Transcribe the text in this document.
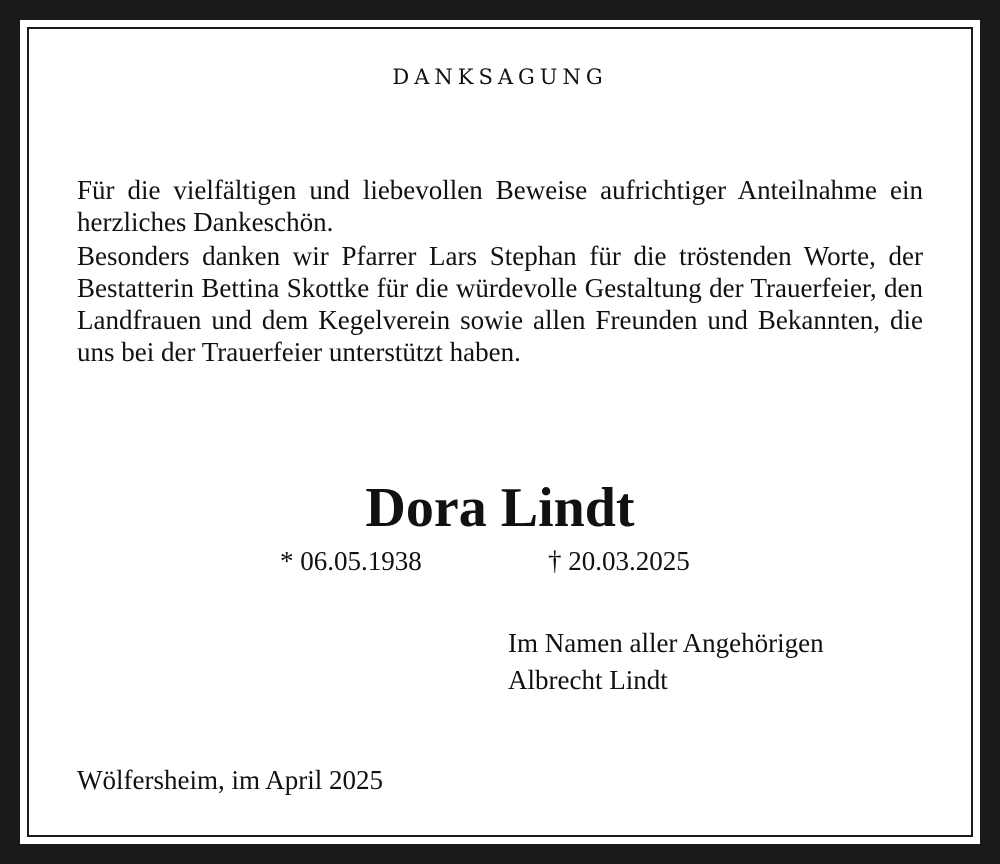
DANKSAGUNG

Für die vielfältigen und liebevollen Beweise aufrichtiger Anteilnahme ein herzliches Dankeschön.

Besonders danken wir Pfarrer Lars Stephan für die tröstenden Worte, der Bestatterin Bettina Skottke für die würdevolle Gestaltung der Trauerfeier, den Landfrauen und dem Kegelverein sowie allen Freunden und Bekannten, die uns bei der Trauerfeier unterstützt haben.

Dora Lindt
* 06.05.1938	† 20.03.2025
Im Namen aller Angehörigen
Albrecht Lindt
Wölfersheim, im April 2025
